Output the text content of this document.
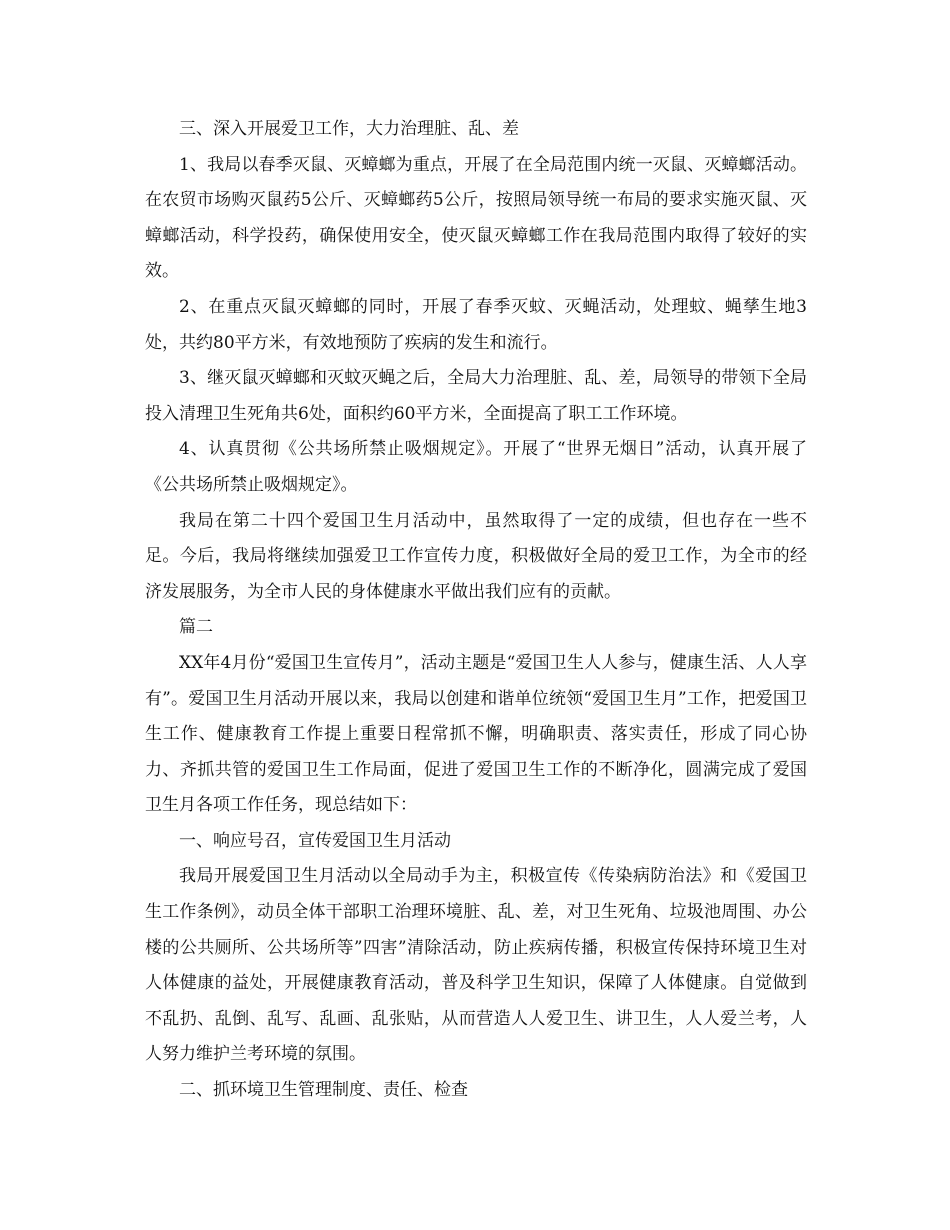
三、深入开展爱卫工作，大力治理脏、乱、差

1、我局以春季灭鼠、灭蟑螂为重点，开展了在全局范围内统一灭鼠、灭蟑螂活动。在农贸市场购灭鼠药5公斤、灭蟑螂药5公斤，按照局领导统一布局的要求实施灭鼠、灭蟑螂活动，科学投药，确保使用安全，使灭鼠灭蟑螂工作在我局范围内取得了较好的实效。

2、在重点灭鼠灭蟑螂的同时，开展了春季灭蚊、灭蝇活动，处理蚊、蝇孳生地3处，共约80平方米，有效地预防了疾病的发生和流行。

3、继灭鼠灭蟑螂和灭蚊灭蝇之后，全局大力治理脏、乱、差，局领导的带领下全局投入清理卫生死角共6处，面积约60平方米，全面提高了职工工作环境。

4、认真贯彻《公共场所禁止吸烟规定》。开展了“世界无烟日”活动，认真开展了《公共场所禁止吸烟规定》。

我局在第二十四个爱国卫生月活动中，虽然取得了一定的成绩，但也存在一些不足。今后，我局将继续加强爱卫工作宣传力度，积极做好全局的爱卫工作，为全市的经济发展服务，为全市人民的身体健康水平做出我们应有的贡献。

篇二

XX年4月份“爱国卫生宣传月”，活动主题是“爱国卫生人人参与，健康生活、人人享有”。爱国卫生月活动开展以来，我局以创建和谐单位统领“爱国卫生月”工作，把爱国卫生工作、健康教育工作提上重要日程常抓不懈，明确职责、落实责任，形成了同心协力、齐抓共管的爱国卫生工作局面，促进了爱国卫生工作的不断净化，圆满完成了爱国卫生月各项工作任务，现总结如下：

一、响应号召，宣传爱国卫生月活动

我局开展爱国卫生月活动以全局动手为主，积极宣传《传染病防治法》和《爱国卫生工作条例》，动员全体干部职工治理环境脏、乱、差，对卫生死角、垃圾池周围、办公楼的公共厕所、公共场所等”四害”清除活动，防止疾病传播，积极宣传保持环境卫生对人体健康的益处，开展健康教育活动，普及科学卫生知识，保障了人体健康。自觉做到不乱扔、乱倒、乱写、乱画、乱张贴，从而营造人人爱卫生、讲卫生，人人爱兰考，人人努力维护兰考环境的氛围。

二、抓环境卫生管理制度、责任、检查
